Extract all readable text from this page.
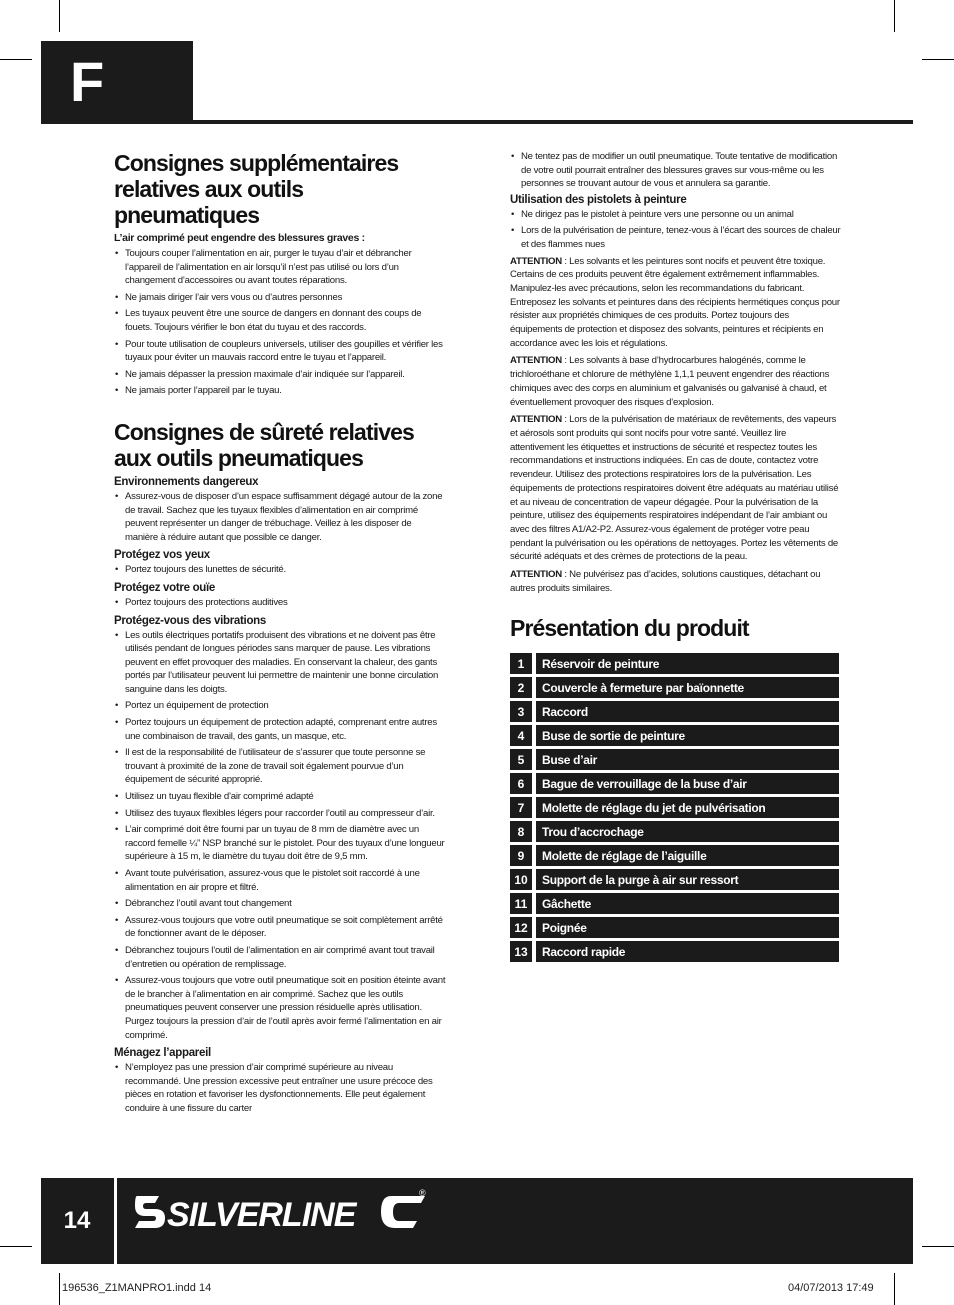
F
Consignes supplémentaires relatives aux outils pneumatiques
L’air comprimé peut engendre des blessures graves :
• Toujours couper l’alimentation en air, purger le tuyau d’air et débrancher l’appareil de l’alimentation en air lorsqu’il n’est pas utilisé ou lors d’un changement d’accessoires ou avant toutes réparations.
• Ne jamais diriger l’air vers vous ou d’autres personnes
• Les tuyaux peuvent être une source de dangers en donnant des coups de fouets. Toujours vérifier le bon état du tuyau et des raccords.
• Pour toute utilisation de coupleurs universels, utiliser des goupilles et vérifier les tuyaux pour éviter un mauvais raccord entre le tuyau et l’appareil.
• Ne jamais dépasser la pression maximale d’air indiquée sur l’appareil.
• Ne jamais porter l’appareil par le tuyau.
Consignes de sûreté relatives aux outils pneumatiques
Environnements dangereux
• Assurez-vous de disposer d’un espace suffisamment dégagé autour de la zone de travail. Sachez que les tuyaux flexibles d’alimentation en air comprimé peuvent représenter un danger de trébuchage. Veillez à les disposer de manière à réduire autant que possible ce danger.
Protégez vos yeux
• Portez toujours des lunettes de sécurité.
Protégez votre ouïe
• Portez toujours des protections auditives
Protégez-vous des vibrations
• Les outils électriques portatifs produisent des vibrations et ne doivent pas être utilisés pendant de longues périodes sans marquer de pause. Les vibrations peuvent en effet provoquer des maladies. En conservant la chaleur, des gants portés par l’utilisateur peuvent lui permettre de maintenir une bonne circulation sanguine dans les doigts.
• Portez un équipement de protection
• Portez toujours un équipement de protection adapté, comprenant entre autres une combinaison de travail, des gants, un masque, etc.
• Il est de la responsabilité de l’utilisateur de s’assurer que toute personne se trouvant à proximité de la zone de travail soit également pourvue d’un équipement de sécurité approprié.
• Utilisez un tuyau flexible d’air comprimé adapté
• Utilisez des tuyaux flexibles légers pour raccorder l’outil au compresseur d’air.
• L’air comprimé doit être fourni par un tuyau de 8 mm de diamètre avec un raccord femelle ¼” NSP branché sur le pistolet. Pour des tuyaux d’une longueur supérieure à 15 m, le diamètre du tuyau doit être de 9,5 mm.
• Avant toute pulvérisation, assurez-vous que le pistolet soit raccordé à une alimentation en air propre et filtré.
• Débranchez l’outil avant tout changement
• Assurez-vous toujours que votre outil pneumatique se soit complètement arrêté de fonctionner avant de le déposer.
• Débranchez toujours l’outil de l’alimentation en air comprimé avant tout travail d’entretien ou opération de remplissage.
• Assurez-vous toujours que votre outil pneumatique soit en position éteinte avant de le brancher à l’alimentation en air comprimé. Sachez que les outils pneumatiques peuvent conserver une pression résiduelle après utilisation. Purgez toujours la pression d’air de l’outil après avoir fermé l’alimentation en air comprimé.
Ménagez l’appareil
• N’employez pas une pression d’air comprimé supérieure au niveau recommandé. Une pression excessive peut entraîner une usure précoce des pièces en rotation et favoriser les dysfonctionnements. Elle peut également conduire à une fissure du carter
• Ne tentez pas de modifier un outil pneumatique. Toute tentative de modification de votre outil pourrait entraîner des blessures graves sur vous-même ou les personnes se trouvant autour de vous et annulera sa garantie.
Utilisation des pistolets à peinture
• Ne dirigez pas le pistolet à peinture vers une personne ou un animal
• Lors de la pulvérisation de peinture, tenez-vous à l’écart des sources de chaleur et des flammes nues

ATTENTION : Les solvants et les peintures sont nocifs et peuvent être toxique. Certains de ces produits peuvent être également extrêmement inflammables. Manipulez-les avec précautions, selon les recommandations du fabricant. Entreposez les solvants et peintures dans des récipients hermétiques conçus pour résister aux propriétés chimiques de ces produits. Portez toujours des équipements de protection et disposez des solvants, peintures et récipients en accordance avec les lois et régulations.

ATTENTION : Les solvants à base d’hydrocarbures halogénés, comme le trichloroéthane et chlorure de méthylène 1,1,1 peuvent engendrer des réactions chimiques avec des corps en aluminium et galvanisés ou galvanisé à chaud, et éventuellement provoquer des risques d’explosion.

ATTENTION : Lors de la pulvérisation de matériaux de revêtements, des vapeurs et aérosols sont produits qui sont nocifs pour votre santé. Veuillez lire attentivement les étiquettes et instructions de sécurité et respectez toutes les recommandations et instructions indiquées. En cas de doute, contactez votre revendeur. Utilisez des protections respiratoires lors de la pulvérisation. Les équipements de protections respiratoires doivent être adéquats au matériau utilisé et au niveau de concentration de vapeur dégagée. Pour la pulvérisation de la peinture, utilisez des équipements respiratoires indépendant de l’air ambiant ou avec des filtres A1/A2-P2. Assurez-vous également de protéger votre peau pendant la pulvérisation ou les opérations de nettoyages. Portez les vêtements de sécurité adéquats et des crèmes de protections de la peau.

ATTENTION : Ne pulvérisez pas d’acides, solutions caustiques, détachant ou autres produits similaires.

Présentation du produit
1	Réservoir de peinture
2	Couvercle à fermeture par baïonnette
3	Raccord
4	Buse de sortie de peinture
5	Buse d’air
6	Bague de verrouillage de la buse d’air
7	Molette de réglage du jet de pulvérisation
8	Trou d’accrochage
9	Molette de réglage de l’aiguille
10	Support de la purge à air sur ressort
11	Gâchette
12	Poignée
13	Raccord rapide
14	SILVERLINE
®
196536_Z1MANPRO1.indd 14	04/07/2013 17:49
